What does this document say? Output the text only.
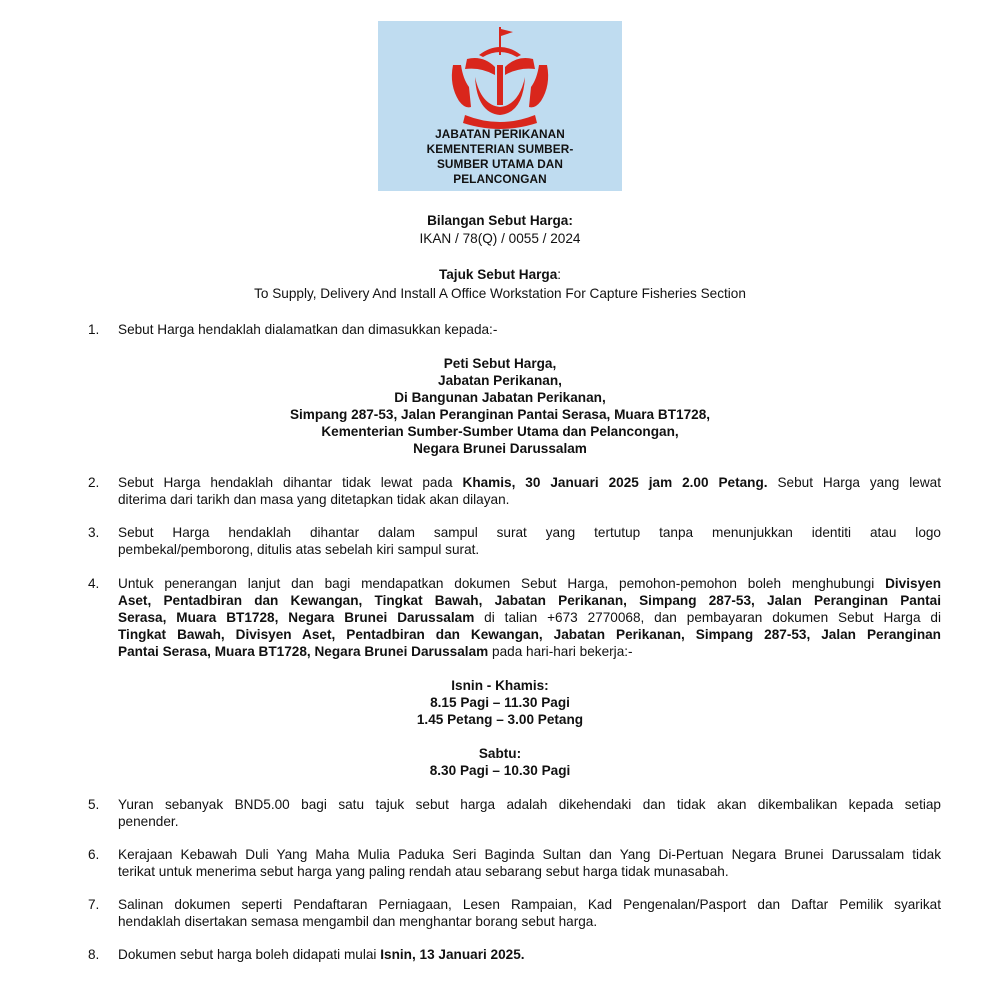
JABATAN PERIKANAN
KEMENTERIAN SUMBER-
SUMBER UTAMA DAN
PELANCONGAN
Bilangan Sebut Harga:
IKAN / 78(Q) / 0055 / 2024
Tajuk Sebut Harga:
To Supply, Delivery And Install A Office Workstation For Capture Fisheries Section
1. Sebut Harga hendaklah dialamatkan dan dimasukkan kepada:-
Peti Sebut Harga,
Jabatan Perikanan,
Di Bangunan Jabatan Perikanan,
Simpang 287-53, Jalan Peranginan Pantai Serasa, Muara BT1728,
Kementerian Sumber-Sumber Utama dan Pelancongan,
Negara Brunei Darussalam
2. Sebut Harga hendaklah dihantar tidak lewat pada Khamis, 30 Januari 2025 jam 2.00 Petang. Sebut Harga yang lewat
diterima dari tarikh dan masa yang ditetapkan tidak akan dilayan.
3. Sebut Harga hendaklah dihantar dalam sampul surat yang tertutup tanpa menunjukkan identiti atau logo
pembekal/pemborong, ditulis atas sebelah kiri sampul surat.
4. Untuk penerangan lanjut dan bagi mendapatkan dokumen Sebut Harga, pemohon-pemohon boleh menghubungi Divisyen
Aset, Pentadbiran dan Kewangan, Tingkat Bawah, Jabatan Perikanan, Simpang 287-53, Jalan Peranginan Pantai
Serasa, Muara BT1728, Negara Brunei Darussalam di talian +673 2770068, dan pembayaran dokumen Sebut Harga di
Tingkat Bawah, Divisyen Aset, Pentadbiran dan Kewangan, Jabatan Perikanan, Simpang 287-53, Jalan Peranginan
Pantai Serasa, Muara BT1728, Negara Brunei Darussalam pada hari-hari bekerja:-
Isnin - Khamis:
8.15 Pagi – 11.30 Pagi
1.45 Petang – 3.00 Petang
Sabtu:
8.30 Pagi – 10.30 Pagi
5. Yuran sebanyak BND5.00 bagi satu tajuk sebut harga adalah dikehendaki dan tidak akan dikembalikan kepada setiap
penender.
6. Kerajaan Kebawah Duli Yang Maha Mulia Paduka Seri Baginda Sultan dan Yang Di-Pertuan Negara Brunei Darussalam tidak
terikat untuk menerima sebut harga yang paling rendah atau sebarang sebut harga tidak munasabah.
7. Salinan dokumen seperti Pendaftaran Perniagaan, Lesen Rampaian, Kad Pengenalan/Pasport dan Daftar Pemilik syarikat
hendaklah disertakan semasa mengambil dan menghantar borang sebut harga.
8. Dokumen sebut harga boleh didapati mulai Isnin, 13 Januari 2025.
